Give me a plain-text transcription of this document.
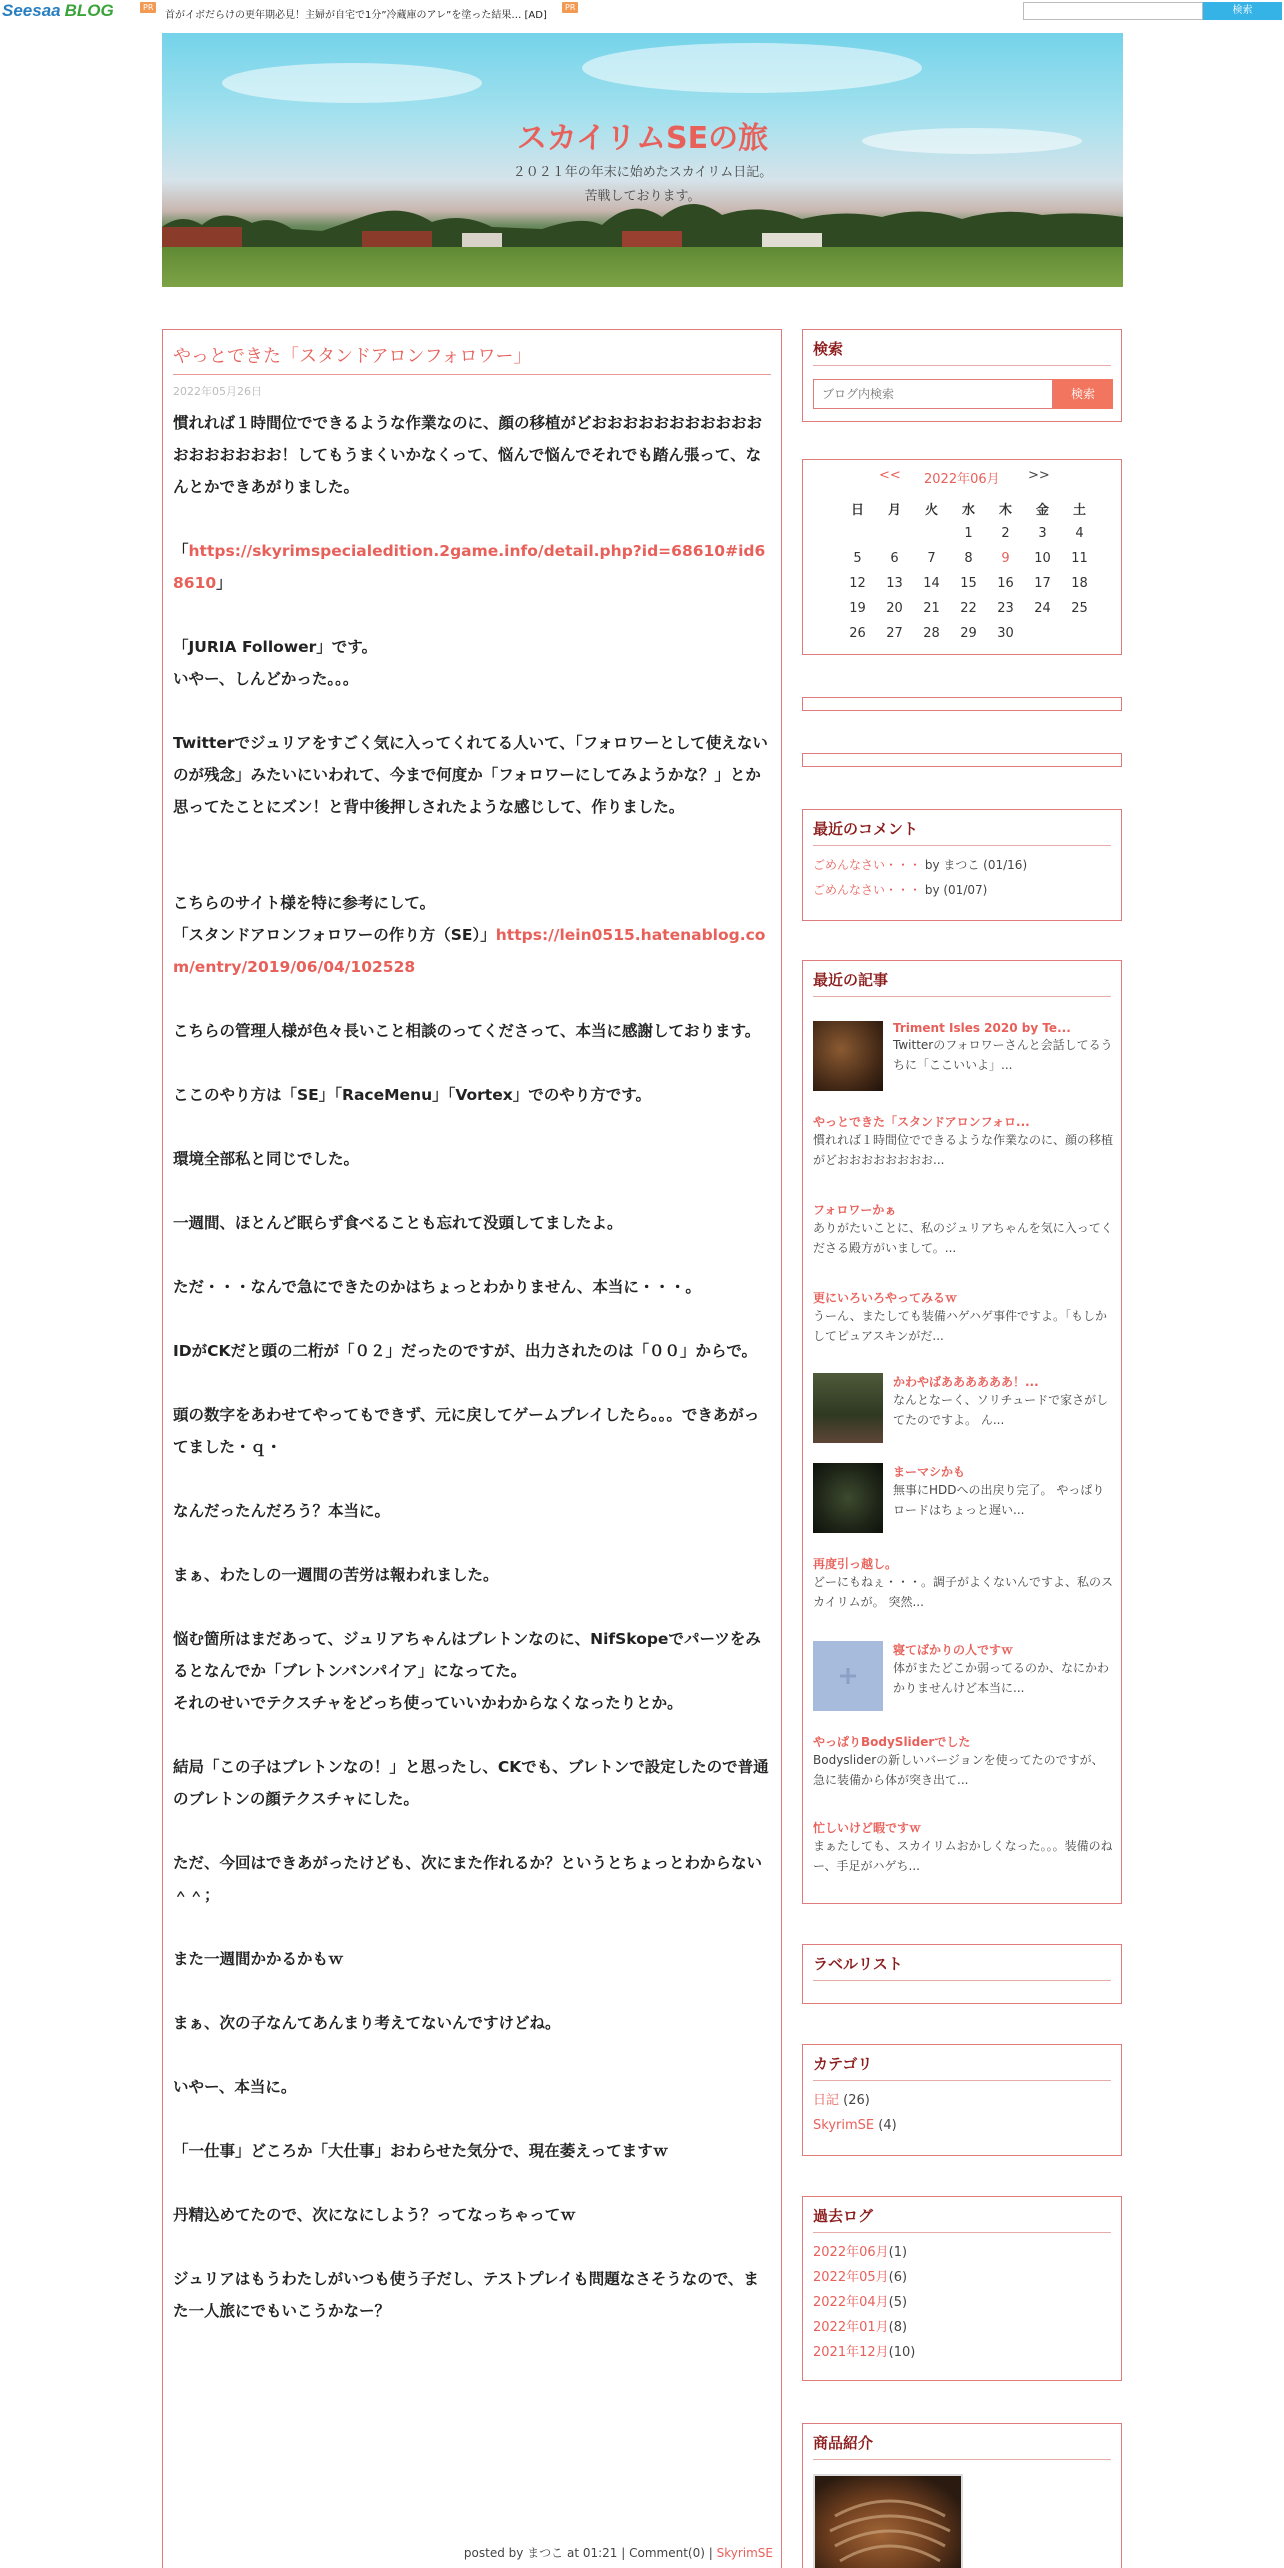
Seesaa BLOG	PR
首がイボだらけの更年期必見！主婦が自宅で1分”冷蔵庫のアレ”を塗った結果… [AD]
PR	検索
スカイリムSEの旅
２０２１年の年末に始めたスカイリム日記。
苦戦しております。
やっとできた「スタンドアロンフォロワー」
2022年05月26日

慣れれば１時間位でできるような作業なのに、顔の移植がどおおおおおおおおおおおおおおおおおお！してもうまくいかなくって、悩んで悩んでそれでも踏ん張って、なんとかできあがりました。

「https://skyrimspecialedition.2game.info/detail.php?id=68610#id68610」

「JURIA Follower」です。

いやー、しんどかった。。。

Twitterでジュリアをすごく気に入ってくれてる人いて、「フォロワーとして使えないのが残念」みたいにいわれて、今まで何度か「フォロワーにしてみようかな？」とか思ってたことにズン！と背中後押しされたような感じして、作りました。

こちらのサイト様を特に参考にして。

「スタンドアロンフォロワーの作り方（SE）」https://lein0515.hatenablog.com/entry/2019/06/04/102528

こちらの管理人様が色々長いこと相談のってくださって、本当に感謝しております。

ここのやり方は「SE」「RaceMenu」「Vortex」でのやり方です。

環境全部私と同じでした。

一週間、ほとんど眠らず食べることも忘れて没頭してましたよ。

ただ・・・なんで急にできたのかはちょっとわかりません、本当に・・・。

IDがCKだと頭の二桁が「０２」だったのですが、出力されたのは「００」からで。

頭の数字をあわせてやってもできず、元に戻してゲームプレイしたら。。。できあがってました・ｑ・

なんだったんだろう？本当に。

まぁ、わたしの一週間の苦労は報われました。

悩む箇所はまだあって、ジュリアちゃんはブレトンなのに、NifSkopeでパーツをみるとなんでか「ブレトンバンパイア」になってた。

それのせいでテクスチャをどっち使っていいかわからなくなったりとか。

結局「この子はブレトンなの！」と思ったし、CKでも、ブレトンで設定したので普通のブレトンの顔テクスチャにした。

ただ、今回はできあがったけども、次にまた作れるか？というとちょっとわからない＾＾；

また一週間かかるかもｗ

まぁ、次の子なんてあんまり考えてないんですけどね。

いやー、本当に。

「一仕事」どころか「大仕事」おわらせた気分で、現在萎えってますｗ

丹精込めてたので、次になにしよう？ってなっちゃってｗ

ジュリアはもうわたしがいつも使う子だし、テストプレイも問題なさそうなので、また一人旅にでもいこうかなー？

posted by まつこ at 01:21 | Comment(0) | SkyrimSE
検索
ブログ内検索
検索
<< 2022年06月 >>
日	月	火	水	木	金	土
			1	2	3	4
5	6	7	8	9	10	11
12	13	14	15	16	17	18
19	20	21	22	23	24	25
26	27	28	29	30		
最近のコメント
ごめんなさい・・・ by まつこ (01/16)
ごめんなさい・・・ by (01/07)
最近の記事
Triment Isles 2020 by Te...
Twitterのフォロワーさんと会話してるうちに「ここいいよ」...
やっとできた「スタンドアロンフォロ...
慣れれば１時間位でできるような作業なのに、顔の移植がどおおおおおおおお...
フォロワーかぁ
ありがたいことに、私のジュリアちゃんを気に入ってくださる殿方がいまして。...
更にいろいろやってみるｗ
うーん、またしても装備ハゲハゲ事件ですよ。「もしかしてピュアスキンがだ...
かわやばああああああ！...
なんとなーく、ソリチュードで家さがしてたのですよ。 ん...
まーマシかも
無事にHDDへの出戻り完了。 やっぱりロードはちょっと遅い...
再度引っ越し。
どーにもねぇ・・・。調子がよくないんですよ、私のスカイリムが。 突然...
寝てばかりの人ですｗ
体がまたどこか弱ってるのか、なにかわかりませんけど本当に...
やっぱりBodySliderでした
Bodysliderの新しいバージョンを使ってたのですが、急に装備から体が突き出て...
忙しいけど暇ですｗ
まぁたしても、スカイリムおかしくなった。。。装備のねー、手足がハゲち...
ラベルリスト
カテゴリ
日記 (26)
SkyrimSE (4)
過去ログ
2022年06月(1)
2022年05月(6)
2022年04月(5)
2022年01月(8)
2021年12月(10)
商品紹介
